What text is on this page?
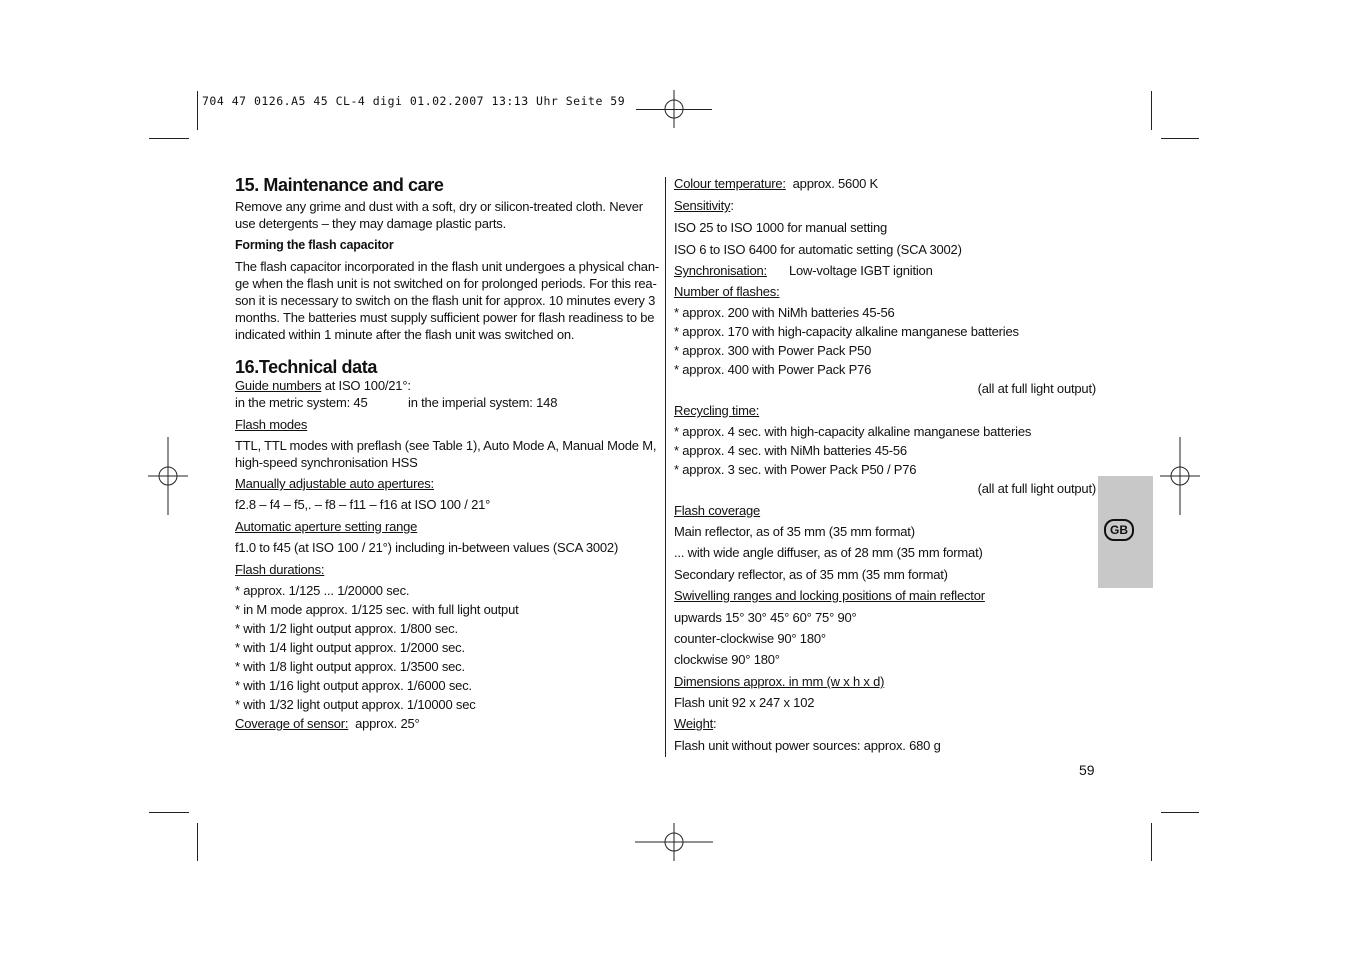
704 47 0126.A5 45 CL-4 digi 01.02.2007 13:13 Uhr Seite 59
15. Maintenance and care

Remove any grime and dust with a soft, dry or silicon-treated cloth. Never

use detergents – they may damage plastic parts.

Forming the flash capacitor

The flash capacitor incorporated in the flash unit undergoes a physical chan-

ge when the flash unit is not switched on for prolonged periods. For this rea-

son it is necessary to switch on the flash unit for approx. 10 minutes every 3

months. The batteries must supply sufficient power for flash readiness to be

indicated within 1 minute after the flash unit was switched on.

16.Technical data

Guide numbers at ISO 100/21°:

in the metric system: 45	in the imperial system: 148

Flash modes

TTL, TTL modes with preflash (see Table 1), Auto Mode A, Manual Mode M,

high-speed synchronisation HSS

Manually adjustable auto apertures:

f2.8 – f4 – f5,. – f8 – f11 – f16 at ISO 100 / 21°

Automatic aperture setting range

f1.0 to f45 (at ISO 100 / 21°) including in-between values (SCA 3002)

Flash durations:

* approx. 1/125 ... 1/20000 sec.

* in M mode approx. 1/125 sec. with full light output

* with 1/2 light output approx. 1/800 sec.

* with 1/4 light output approx. 1/2000 sec.

* with 1/8 light output approx. 1/3500 sec.

* with 1/16 light output approx. 1/6000 sec.

* with 1/32 light output approx. 1/10000 sec

Coverage of sensor: approx. 25°

Colour temperature: approx. 5600 K

Sensitivity:

ISO 25 to ISO 1000 for manual setting

ISO 6 to ISO 6400 for automatic setting (SCA 3002)

Synchronisation: Low-voltage IGBT ignition

Number of flashes:

* approx. 200 with NiMh batteries 45-56

* approx. 170 with high-capacity alkaline manganese batteries

* approx. 300 with Power Pack P50

* approx. 400 with Power Pack P76

(all at full light output)

Recycling time:

* approx. 4 sec. with high-capacity alkaline manganese batteries

* approx. 4 sec. with NiMh batteries 45-56

* approx. 3 sec. with Power Pack P50 / P76

(all at full light output)

Flash coverage

Main reflector, as of 35 mm (35 mm format)

... with wide angle diffuser, as of 28 mm (35 mm format)

Secondary reflector, as of 35 mm (35 mm format)

Swivelling ranges and locking positions of main reflector

upwards 15° 30° 45° 60° 75° 90°

counter-clockwise 90° 180°

clockwise 90° 180°

Dimensions approx. in mm (w x h x d)

Flash unit 92 x 247 x 102

Weight:

Flash unit without power sources: approx. 680 g

GB
59
